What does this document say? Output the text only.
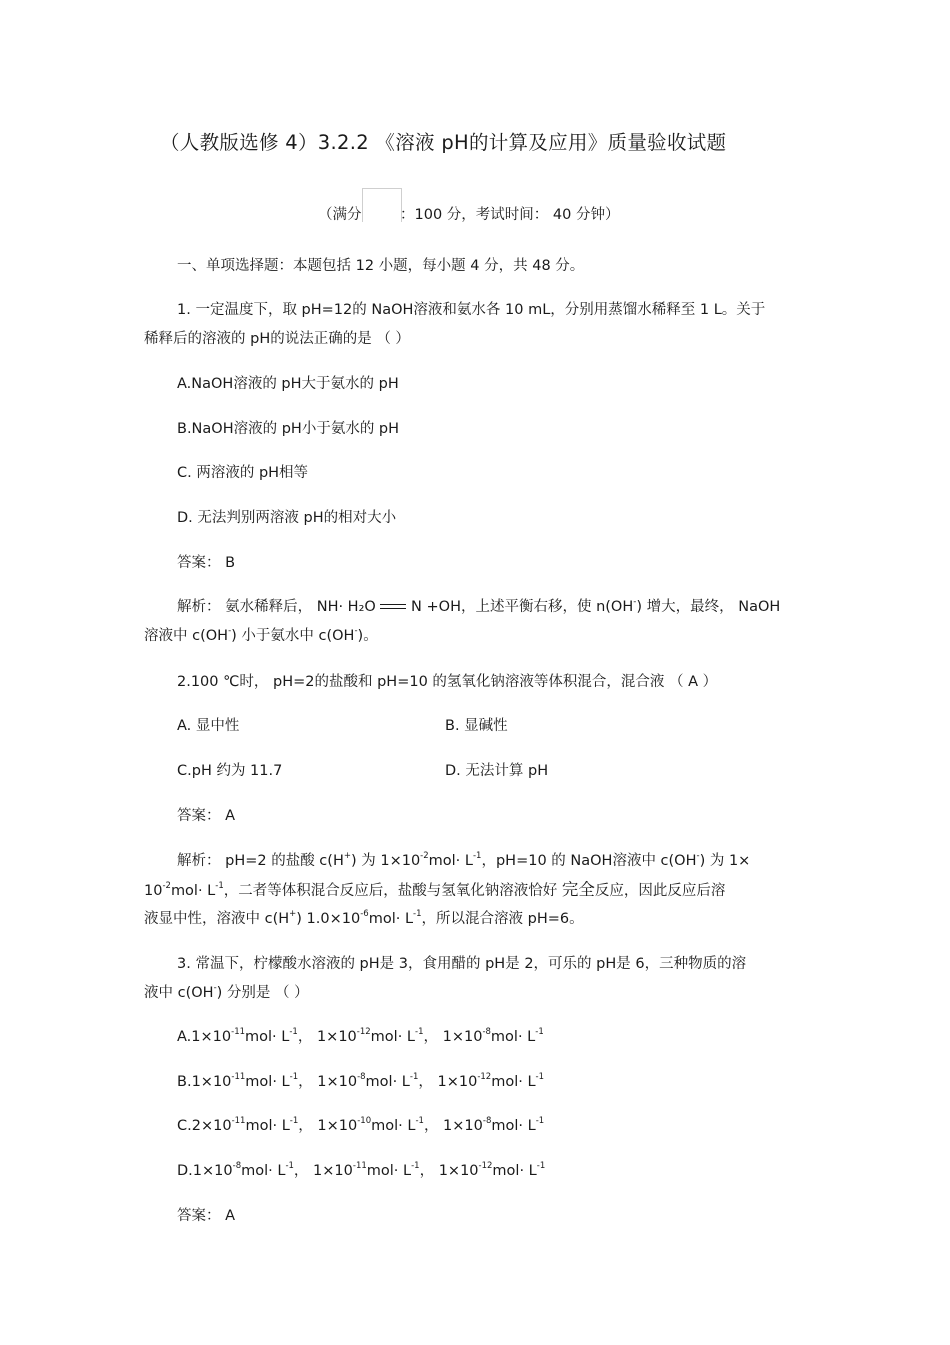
（人教版选修 4）3.2.2 《溶液 pH的计算及应用》质量验收试题
（满分	：100 分，考试时间： 40 分钟）
一、单项选择题：本题包括 12 小题，每小题 4 分，共 48 分。
1. 一定温度下，取 pH=12的 NaOH溶液和氨水各 10 mL，分别用蒸馏水稀释至 1 L。关于
稀释后的溶液的 pH的说法正确的是 （ ）
A.NaOH溶液的 pH大于氨水的 pH
B.NaOH溶液的 pH小于氨水的 pH
C. 两溶液的 pH相等
D. 无法判别两溶液 pH的相对大小
答案： B
解析： 氨水稀释后， NH· H₂O N +OH，上述平衡右移，使 n(OH-) 增大，最终， NaOH
溶液中 c(OH-) 小于氨水中 c(OH-)。
2.100 ℃时， pH=2的盐酸和 pH=10 的氢氧化钠溶液等体积混合，混合液 （ A ）
A. 显中性	B. 显碱性
C.pH 约为 11.7	D. 无法计算 pH
答案： A
解析： pH=2 的盐酸 c(H+) 为 $1\times 10^{-2}mol\cdot L^{-1}$，pH=10 的 NaOH溶液中 c(OH-) 为 1×
$10^{-2}mol\cdot L^{-1}$，二者等体积混合反应后，盐酸与氢氧化钠溶液恰好 完全反应，因此反应后溶
液显中性，溶液中 c(H+) $1.0\times 10^{-6}mol\cdot L^{-1}$，所以混合溶液 pH=6。
3. 常温下，柠檬酸水溶液的 pH是 3，食用醋的 pH是 2，可乐的 pH是 6，三种物质的溶
液中 c(OH-) 分别是 （ ）
$A.1\times 10^{-11}mol\cdot L^{-1}$， $1\times 10^{-12}mol\cdot L^{-1}$， $1\times 10^{-8}mol\cdot L^{-1}$
$B.1\times 10^{-11}mol\cdot L^{-1}$， $1\times 10^{-8}mol\cdot L^{-1}$， $1\times 10^{-12}mol\cdot L^{-1}$
$C.2\times 10^{-11}mol\cdot L^{-1}$， $1\times 10^{-10}mol\cdot L^{-1}$， $1\times 10^{-8}mol\cdot L^{-1}$
$D.1\times 10^{-8}mol\cdot L^{-1}$， $1\times 10^{-11}mol\cdot L^{-1}$， $1\times 10^{-12}mol\cdot L^{-1}$
答案： A
